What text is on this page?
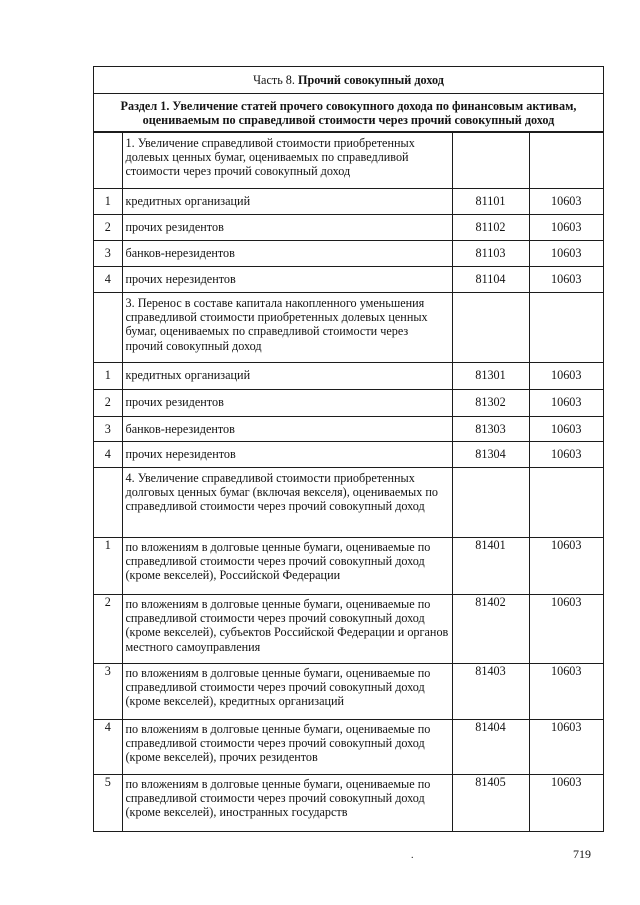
Часть 8.
Прочий совокупный доход
Раздел 1. Увеличение статей прочего совокупного дохода по финансовым активам,
оцениваемым по справедливой стоимости через прочий совокупный доход
	1. Увеличение справедливой стоимости приобретенных долевых ценных бумаг, оцениваемых по справедливой стоимости через прочий совокупный доход		
1	кредитных организаций	81101	10603
2	прочих резидентов	81102	10603
3	банков-нерезидентов	81103	10603
4	прочих нерезидентов	81104	10603
	3. Перенос в составе капитала накопленного уменьшения справедливой стоимости приобретенных долевых ценных бумаг, оцениваемых по справедливой стоимости через прочий совокупный доход		
1	кредитных организаций	81301	10603
2	прочих резидентов	81302	10603
3	банков-нерезидентов	81303	10603
4	прочих нерезидентов	81304	10603
	4. Увеличение справедливой стоимости приобретенных долговых ценных бумаг (включая векселя), оцениваемых по справедливой стоимости через прочий совокупный доход		
1	по вложениям в долговые ценные бумаги, оцениваемые по справедливой стоимости через прочий совокупный доход (кроме векселей), Российской Федерации	81401	10603
2	по вложениям в долговые ценные бумаги, оцениваемые по справедливой стоимости через прочий совокупный доход (кроме векселей), субъектов Российской Федерации и органов местного самоуправления	81402	10603
3	по вложениям в долговые ценные бумаги, оцениваемые по справедливой стоимости через прочий совокупный доход (кроме векселей), кредитных организаций	81403	10603
4	по вложениям в долговые ценные бумаги, оцениваемые по справедливой стоимости через прочий совокупный доход (кроме векселей), прочих резидентов	81404	10603
5	по вложениям в долговые ценные бумаги, оцениваемые по справедливой стоимости через прочий совокупный доход (кроме векселей), иностранных государств	81405	10603
.	719
